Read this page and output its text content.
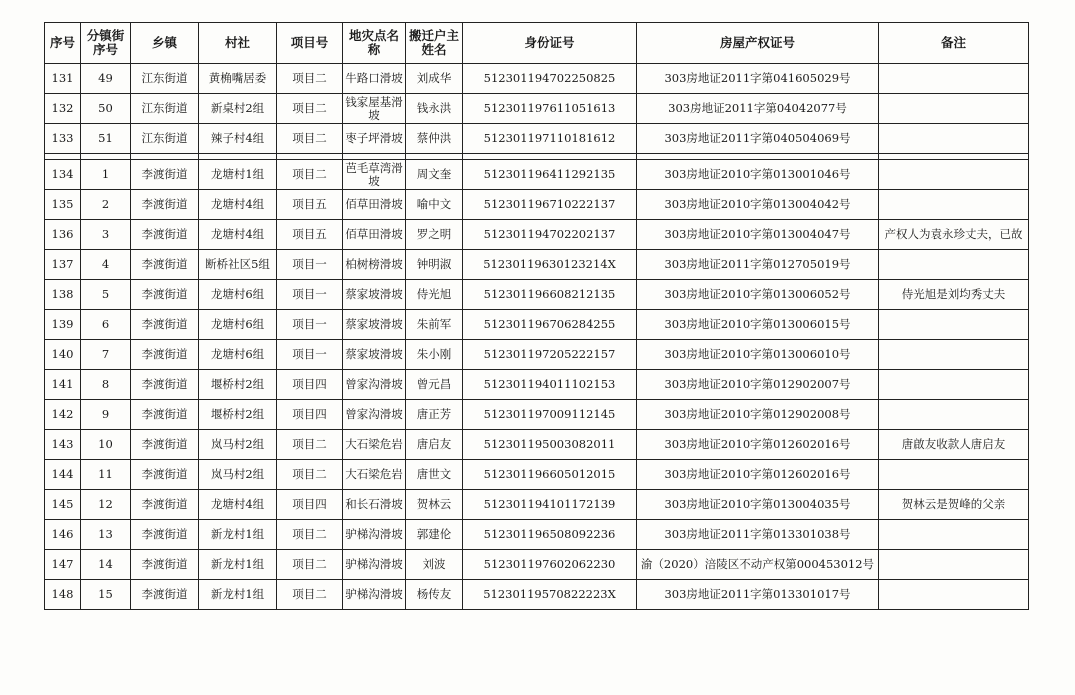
序号	分镇街序号	乡镇	村社	项目号	地灾点名称	搬迁户主姓名	身份证号	房屋产权证号	备注
131	49	江东街道	黄桷嘴居委	项目二	牛路口滑坡	刘成华	512301194702250825	303房地证2011字第041605029号	
132	50	江东街道	新桌村2组	项目二	钱家屋基滑坡	钱永洪	512301197611051613	303房地证2011字第04042077号	
133	51	江东街道	辣子村4组	项目二	枣子坪滑坡	蔡仲洪	512301197110181612	303房地证2011字第040504069号	

134	1	李渡街道	龙塘村1组	项目二	芭毛草湾滑坡	周文奎	512301196411292135	303房地证2010字第013001046号	
135	2	李渡街道	龙塘村4组	项目五	佰草田滑坡	喻中文	512301196710222137	303房地证2010字第013004042号	
136	3	李渡街道	龙塘村4组	项目五	佰草田滑坡	罗之明	512301194702202137	303房地证2010字第013004047号	产权人为袁永珍丈夫，已故
137	4	李渡街道	断桥社区5组	项目一	柏树榜滑坡	钟明淑	51230119630123214X	303房地证2011字第012705019号	
138	5	李渡街道	龙塘村6组	项目一	蔡家坡滑坡	侍光旭	512301196608212135	303房地证2010字第013006052号	侍光旭是刘均秀丈夫
139	6	李渡街道	龙塘村6组	项目一	蔡家坡滑坡	朱前军	512301196706284255	303房地证2010字第013006015号	
140	7	李渡街道	龙塘村6组	项目一	蔡家坡滑坡	朱小刚	512301197205222157	303房地证2010字第013006010号	
141	8	李渡街道	堰桥村2组	项目四	曾家沟滑坡	曾元昌	512301194011102153	303房地证2010字第012902007号	
142	9	李渡街道	堰桥村2组	项目四	曾家沟滑坡	唐正芳	512301197009112145	303房地证2010字第012902008号	
143	10	李渡街道	岚马村2组	项目二	大石梁危岩	唐启友	512301195003082011	303房地证2010字第012602016号	唐啟友收款人唐启友
144	11	李渡街道	岚马村2组	项目二	大石梁危岩	唐世文	512301196605012015	303房地证2010字第012602016号	
145	12	李渡街道	龙塘村4组	项目四	和长石滑坡	贺林云	512301194101172139	303房地证2010字第013004035号	贺林云是贺峰的父亲
146	13	李渡街道	新龙村1组	项目二	驴梯沟滑坡	郭建伦	512301196508092236	303房地证2011字第013301038号	
147	14	李渡街道	新龙村1组	项目二	驴梯沟滑坡	刘波	512301197602062230	渝（2020）涪陵区不动产权第000453012号	
148	15	李渡街道	新龙村1组	项目二	驴梯沟滑坡	杨传友	51230119570822223X	303房地证2011字第013301017号	
